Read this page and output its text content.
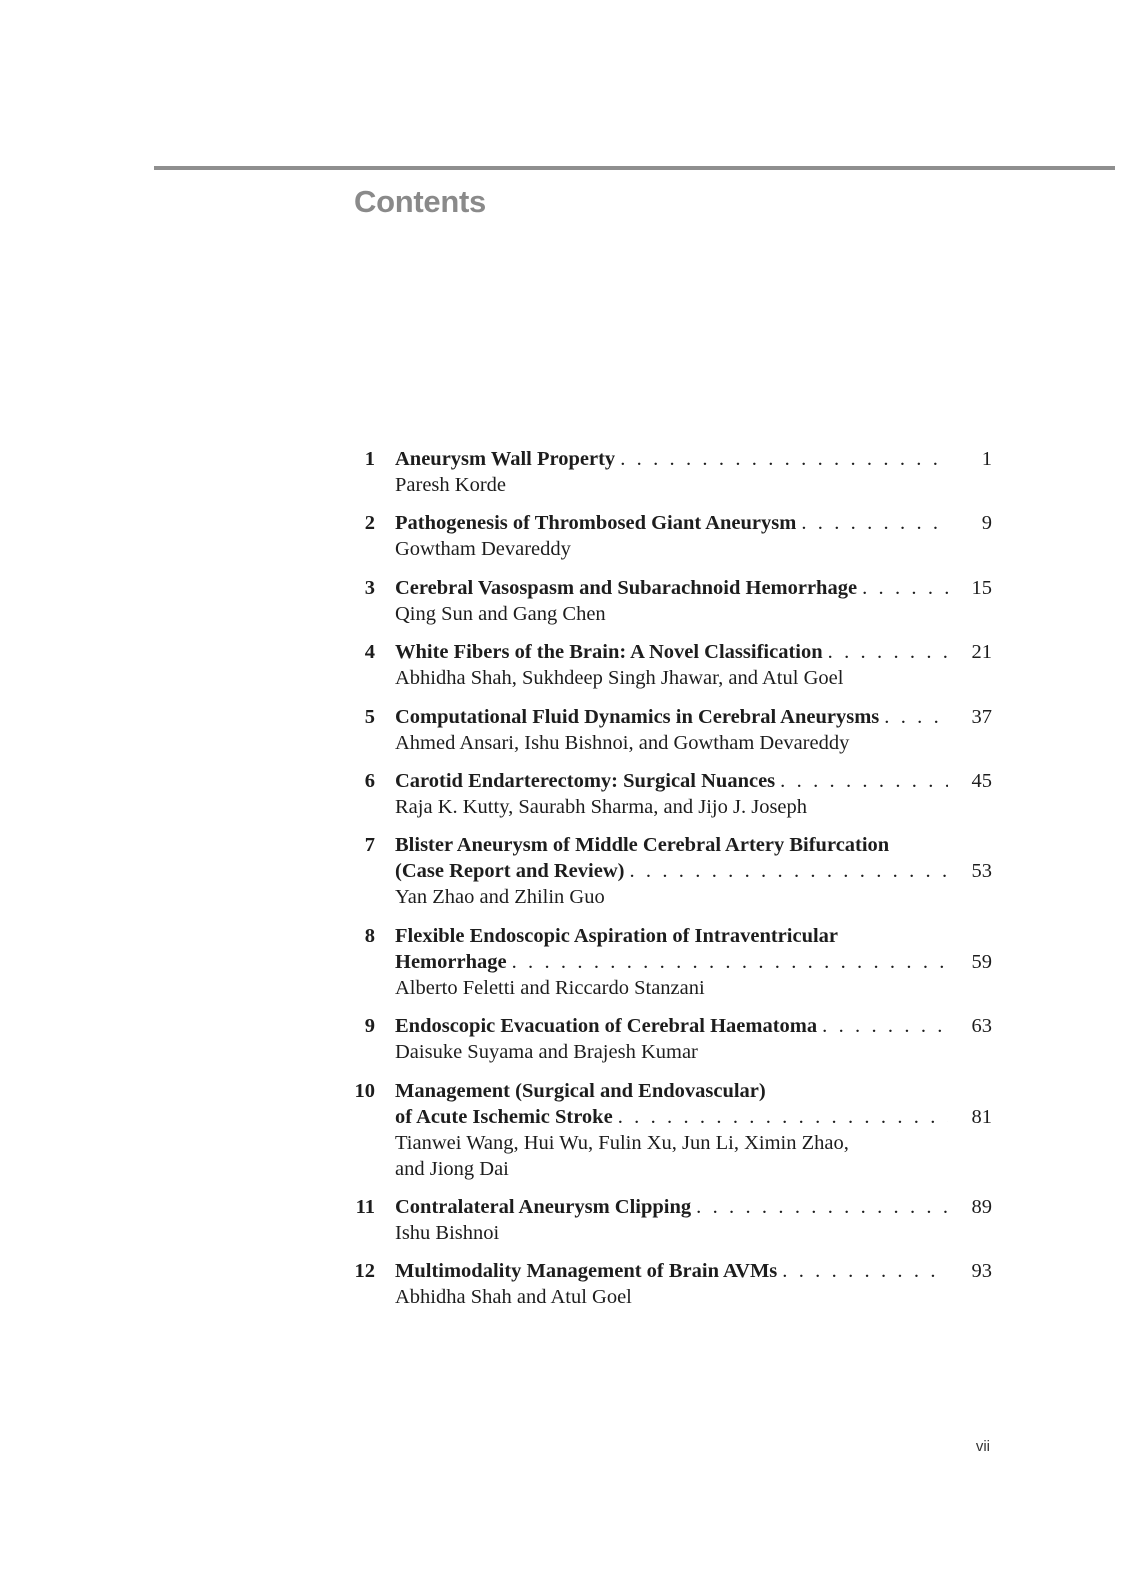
Contents
1 Aneurysm Wall Property . . .	1
Paresh Korde
2 Pathogenesis of Thrombosed Giant Aneurysm . . .	9
Gowtham Devareddy
3 Cerebral Vasospasm and Subarachnoid Hemorrhage . . .	15
Qing Sun and Gang Chen
4 White Fibers of the Brain: A Novel Classification . . .	21
Abhidha Shah, Sukhdeep Singh Jhawar, and Atul Goel
5 Computational Fluid Dynamics in Cerebral Aneurysms . . .	37
Ahmed Ansari, Ishu Bishnoi, and Gowtham Devareddy
6 Carotid Endarterectomy: Surgical Nuances . . .	45
Raja K. Kutty, Saurabh Sharma, and Jijo J. Joseph
7 Blister Aneurysm of Middle Cerebral Artery Bifurcation
(Case Report and Review) . . .	53
Yan Zhao and Zhilin Guo
8 Flexible Endoscopic Aspiration of Intraventricular
Hemorrhage . . .	59
Alberto Feletti and Riccardo Stanzani
9 Endoscopic Evacuation of Cerebral Haematoma . . .	63
Daisuke Suyama and Brajesh Kumar
10 Management (Surgical and Endovascular)
of Acute Ischemic Stroke . . .	81
Tianwei Wang, Hui Wu, Fulin Xu, Jun Li, Ximin Zhao,
and Jiong Dai
11 Contralateral Aneurysm Clipping . . .	89
Ishu Bishnoi
12 Multimodality Management of Brain AVMs . . .	93
Abhidha Shah and Atul Goel
vii
